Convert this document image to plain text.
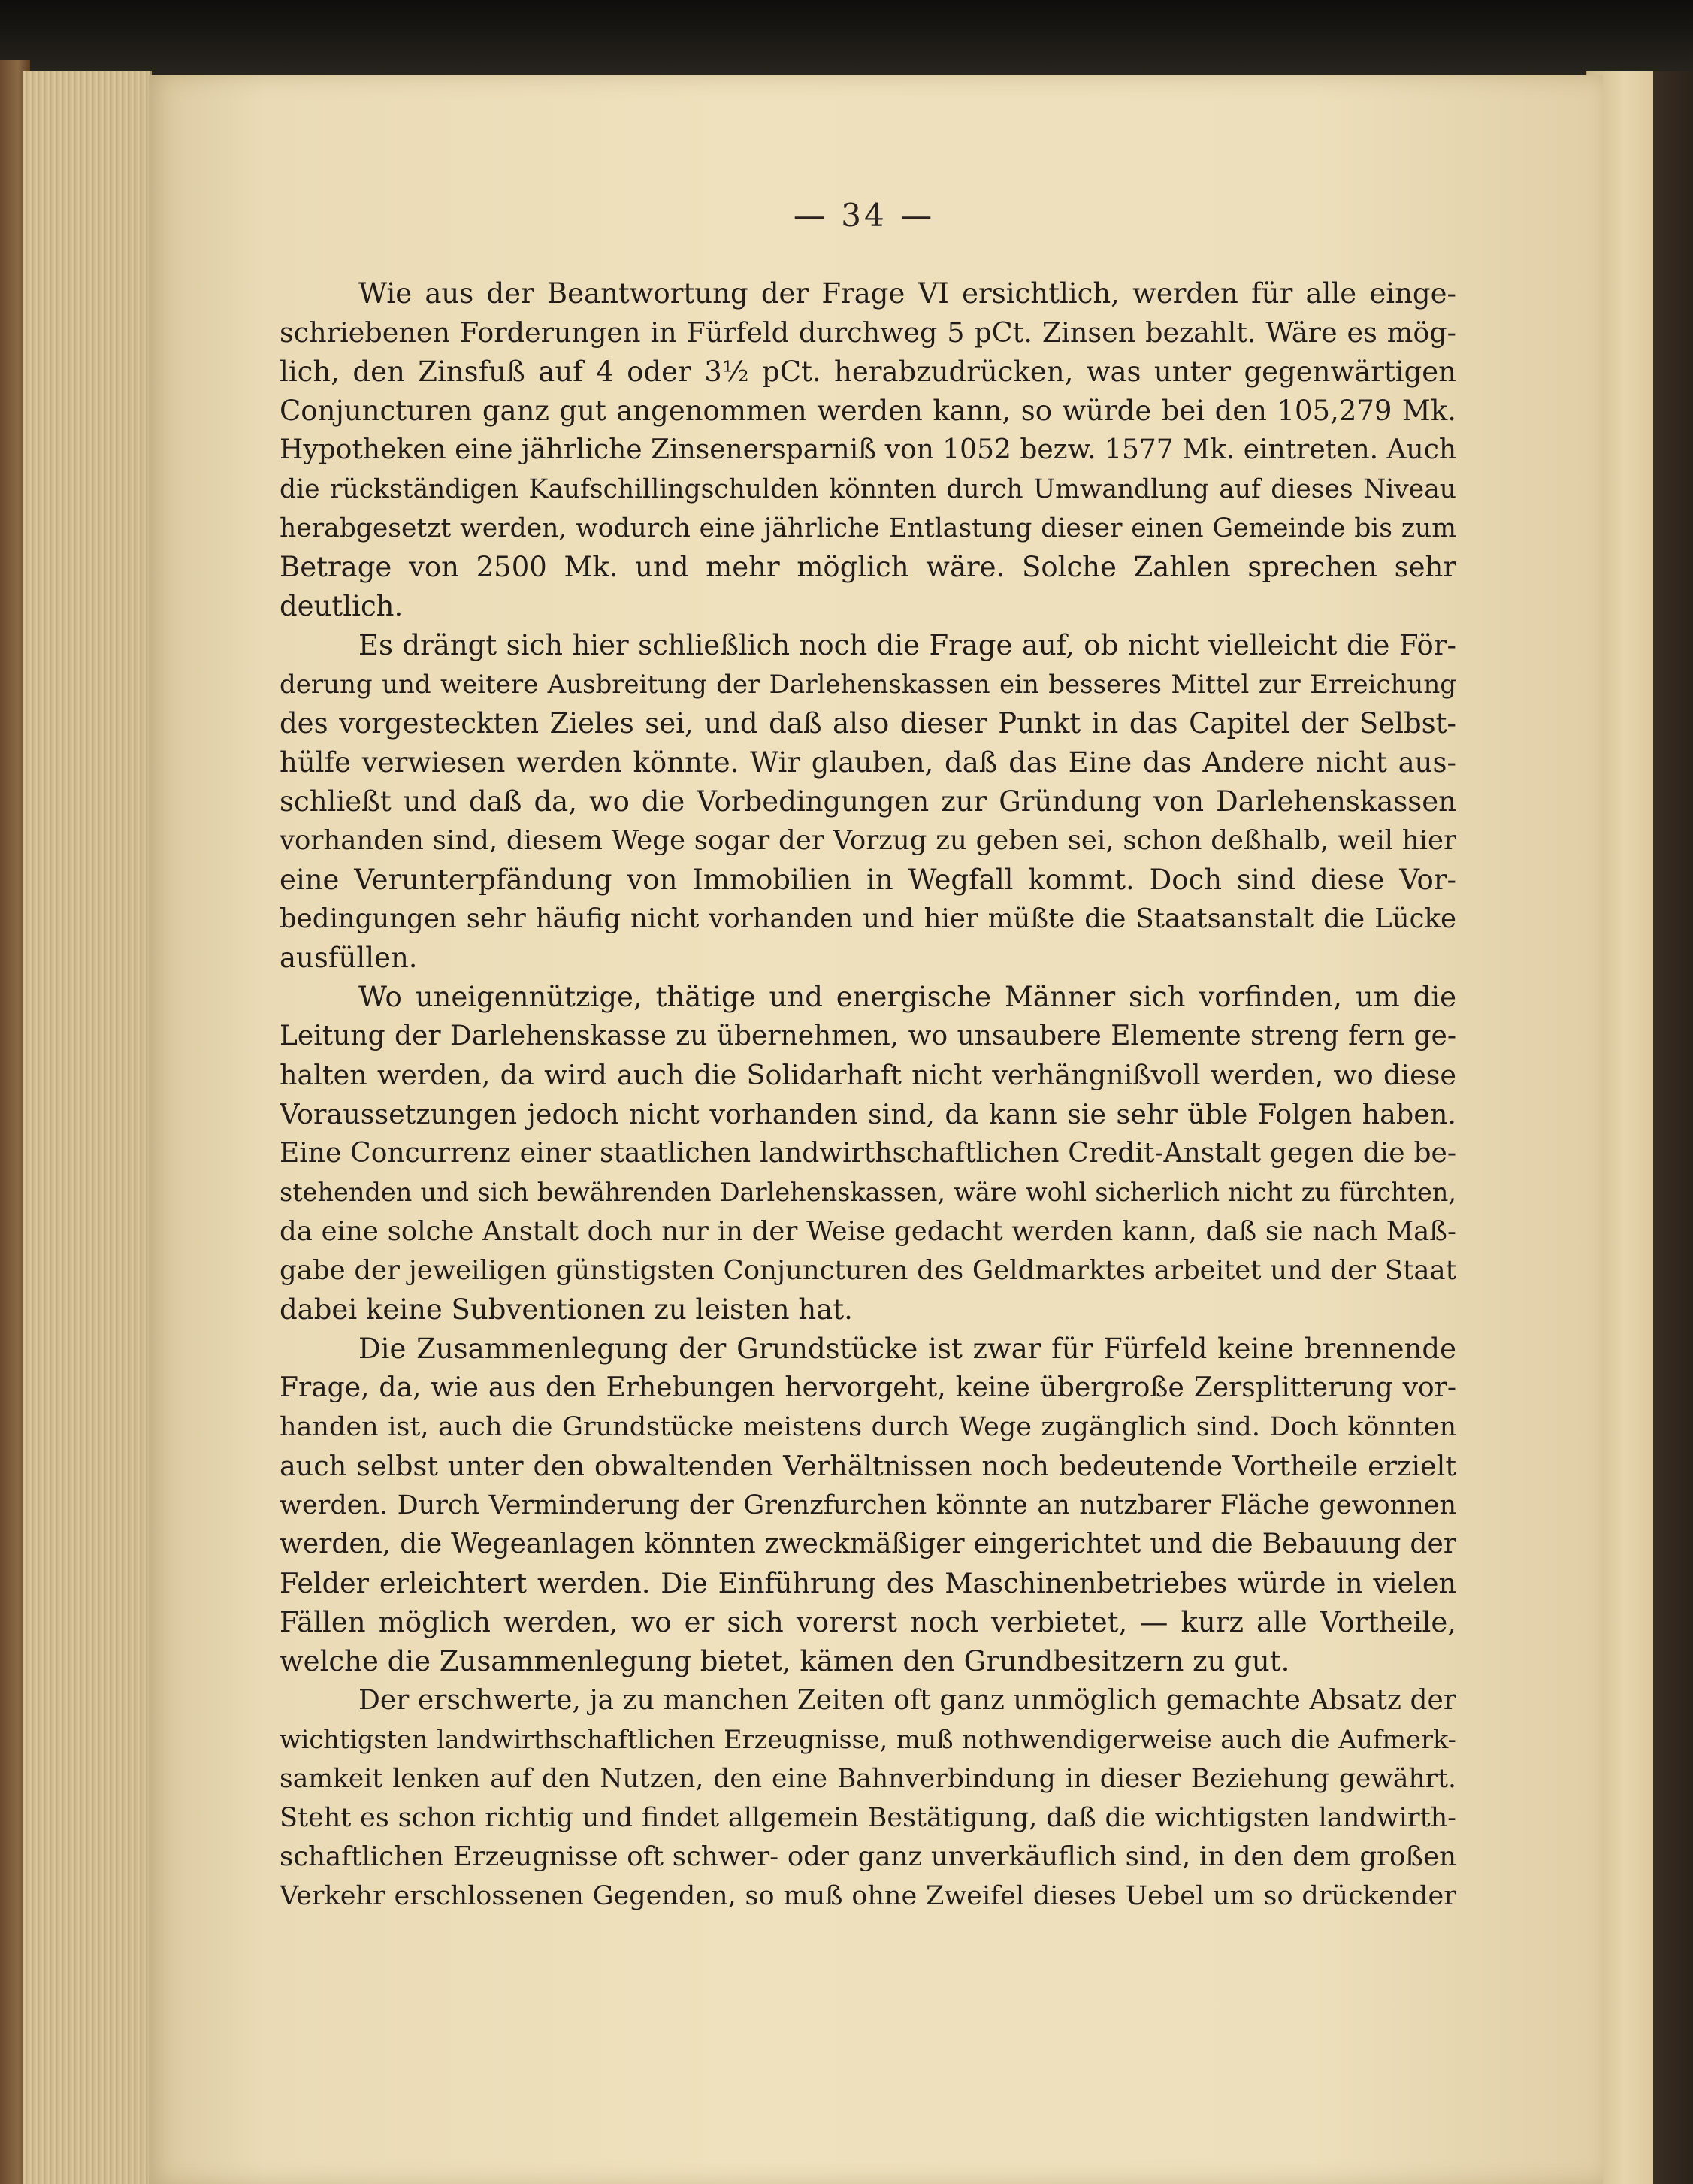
— 34 —
Wie aus der Beantwortung der Frage VI ersichtlich, werden für alle einge-
schriebenen Forderungen in Fürfeld durchweg 5 pCt. Zinsen bezahlt. Wäre es mög-
lich, den Zinsfuß auf 4 oder 3½ pCt. herabzudrücken, was unter gegenwärtigen
Conjuncturen ganz gut angenommen werden kann, so würde bei den 105,279 Mk.
Hypotheken eine jährliche Zinsenersparniß von 1052 bezw. 1577 Mk. eintreten. Auch
die rückständigen Kaufschillingschulden könnten durch Umwandlung auf dieses Niveau
herabgesetzt werden, wodurch eine jährliche Entlastung dieser einen Gemeinde bis zum
Betrage von 2500 Mk. und mehr möglich wäre. Solche Zahlen sprechen sehr
deutlich.
Es drängt sich hier schließlich noch die Frage auf, ob nicht vielleicht die För-
derung und weitere Ausbreitung der Darlehenskassen ein besseres Mittel zur Erreichung
des vorgesteckten Zieles sei, und daß also dieser Punkt in das Capitel der Selbst-
hülfe verwiesen werden könnte. Wir glauben, daß das Eine das Andere nicht aus-
schließt und daß da, wo die Vorbedingungen zur Gründung von Darlehenskassen
vorhanden sind, diesem Wege sogar der Vorzug zu geben sei, schon deßhalb, weil hier
eine Verunterpfändung von Immobilien in Wegfall kommt. Doch sind diese Vor-
bedingungen sehr häufig nicht vorhanden und hier müßte die Staatsanstalt die Lücke
ausfüllen.
Wo uneigennützige, thätige und energische Männer sich vorfinden, um die
Leitung der Darlehenskasse zu übernehmen, wo unsaubere Elemente streng fern ge-
halten werden, da wird auch die Solidarhaft nicht verhängnißvoll werden, wo diese
Voraussetzungen jedoch nicht vorhanden sind, da kann sie sehr üble Folgen haben.
Eine Concurrenz einer staatlichen landwirthschaftlichen Credit-Anstalt gegen die be-
stehenden und sich bewährenden Darlehenskassen, wäre wohl sicherlich nicht zu fürchten,
da eine solche Anstalt doch nur in der Weise gedacht werden kann, daß sie nach Maß-
gabe der jeweiligen günstigsten Conjuncturen des Geldmarktes arbeitet und der Staat
dabei keine Subventionen zu leisten hat.
Die Zusammenlegung der Grundstücke ist zwar für Fürfeld keine brennende
Frage, da, wie aus den Erhebungen hervorgeht, keine übergroße Zersplitterung vor-
handen ist, auch die Grundstücke meistens durch Wege zugänglich sind. Doch könnten
auch selbst unter den obwaltenden Verhältnissen noch bedeutende Vortheile erzielt
werden. Durch Verminderung der Grenzfurchen könnte an nutzbarer Fläche gewonnen
werden, die Wegeanlagen könnten zweckmäßiger eingerichtet und die Bebauung der
Felder erleichtert werden. Die Einführung des Maschinenbetriebes würde in vielen
Fällen möglich werden, wo er sich vorerst noch verbietet, — kurz alle Vortheile,
welche die Zusammenlegung bietet, kämen den Grundbesitzern zu gut.
Der erschwerte, ja zu manchen Zeiten oft ganz unmöglich gemachte Absatz der
wichtigsten landwirthschaftlichen Erzeugnisse, muß nothwendigerweise auch die Aufmerk-
samkeit lenken auf den Nutzen, den eine Bahnverbindung in dieser Beziehung gewährt.
Steht es schon richtig und findet allgemein Bestätigung, daß die wichtigsten landwirth-
schaftlichen Erzeugnisse oft schwer- oder ganz unverkäuflich sind, in den dem großen
Verkehr erschlossenen Gegenden, so muß ohne Zweifel dieses Uebel um so drückender
